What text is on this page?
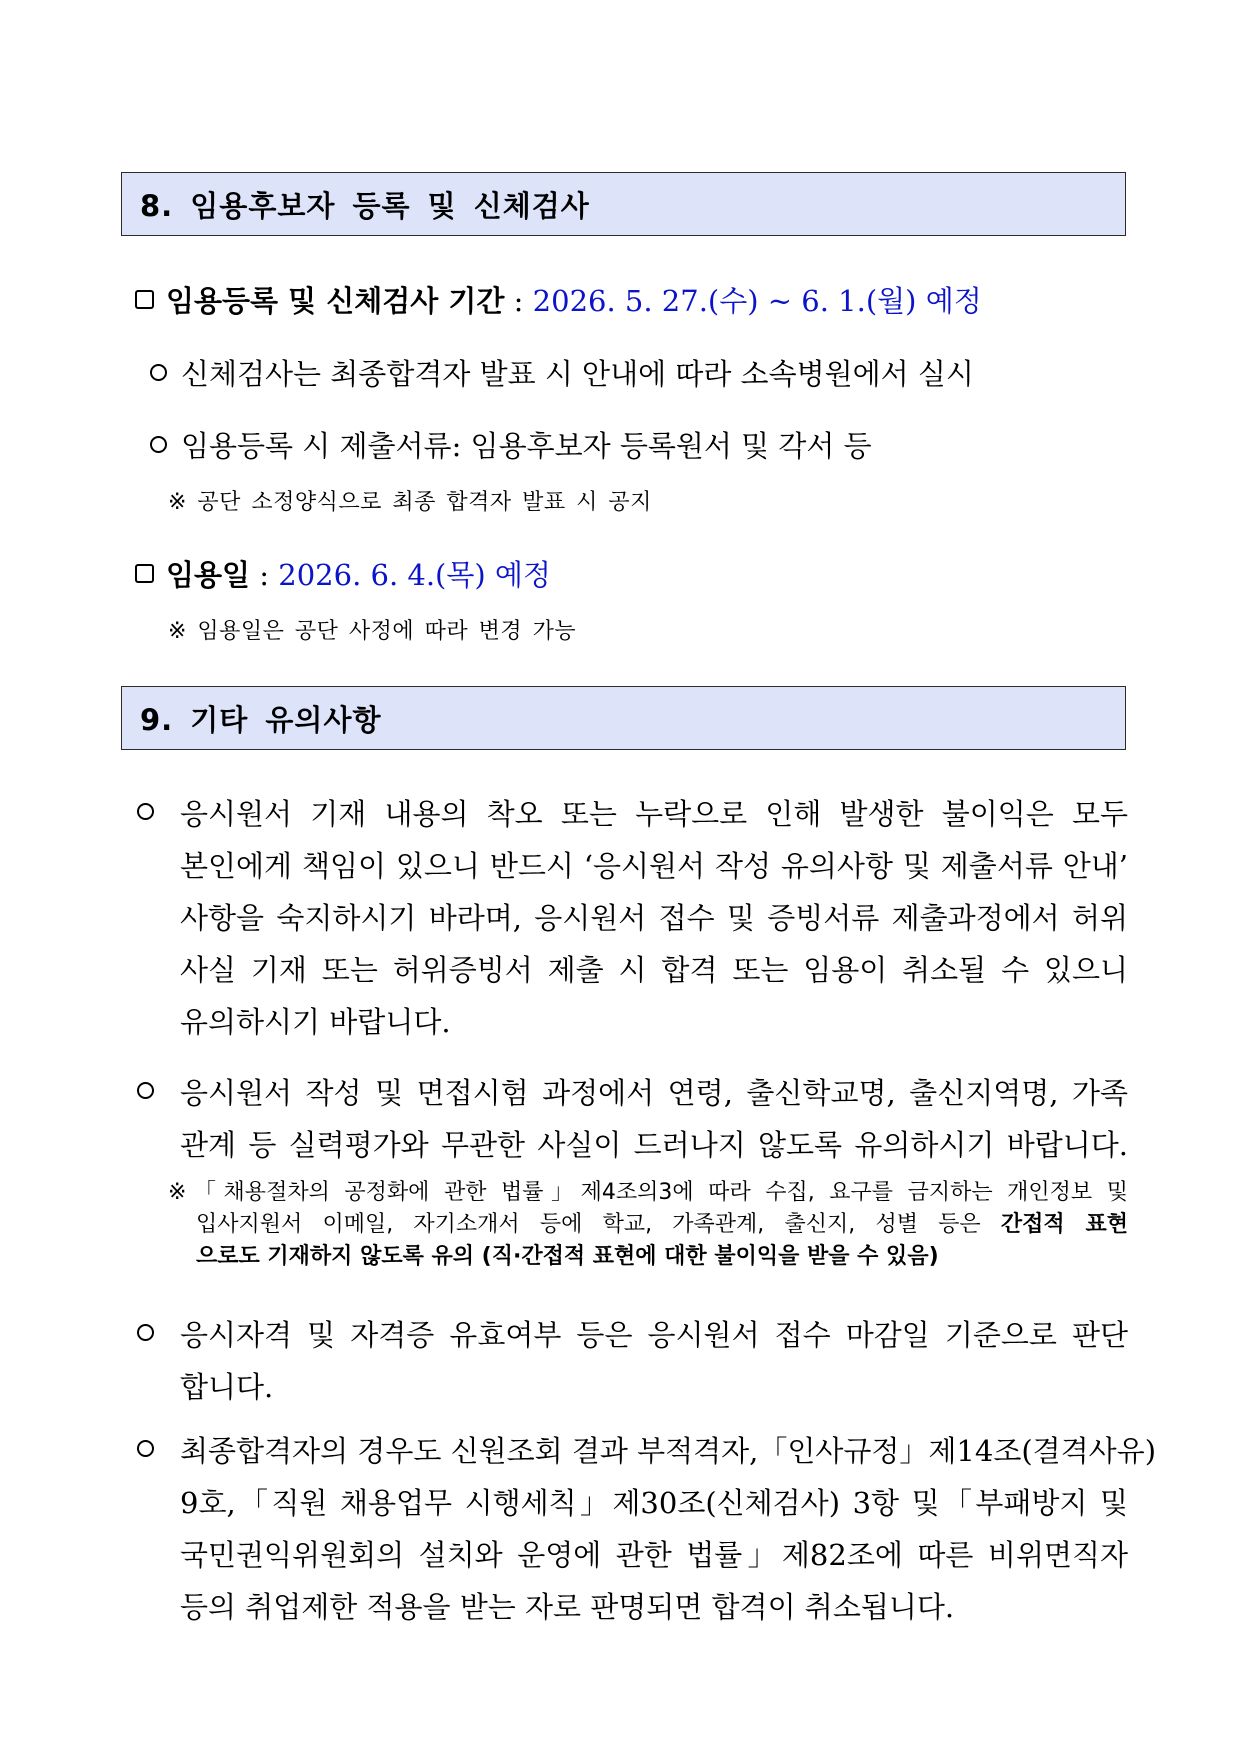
8. 임용후보자 등록 및 신체검사
임용등록 및 신체검사 기간 : 2026. 5. 27.(수) ~ 6. 1.(월) 예정
신체검사는 최종합격자 발표 시 안내에 따라 소속병원에서 실시
임용등록 시 제출서류: 임용후보자 등록원서 및 각서 등
※ 공단 소정양식으로 최종 합격자 발표 시 공지
임용일 : 2026. 6. 4.(목) 예정
※ 임용일은 공단 사정에 따라 변경 가능
9. 기타 유의사항
응시원서 기재 내용의 착오 또는 누락으로 인해 발생한 불이익은 모두
본인에게 책임이 있으니 반드시 ‘응시원서 작성 유의사항 및 제출서류 안내’
사항을 숙지하시기 바라며, 응시원서 접수 및 증빙서류 제출과정에서 허위
사실 기재 또는 허위증빙서 제출 시 합격 또는 임용이 취소될 수 있으니
유의하시기 바랍니다.
응시원서 작성 및 면접시험 과정에서 연령, 출신학교명, 출신지역명, 가족
관계 등 실력평가와 무관한 사실이 드러나지 않도록 유의하시기 바랍니다.
※「채용절차의 공정화에 관한 법률」제4조의3에 따라 수집, 요구를 금지하는 개인정보 및
입사지원서 이메일, 자기소개서 등에 학교, 가족관계, 출신지, 성별 등은 간접적 표현
으로도 기재하지 않도록 유의 (직·간접적 표현에 대한 불이익을 받을 수 있음)
응시자격 및 자격증 유효여부 등은 응시원서 접수 마감일 기준으로 판단
합니다.
최종합격자의 경우도 신원조회 결과 부적격자,「인사규정」제14조(결격사유)
9호,「직원 채용업무 시행세칙」제30조(신체검사) 3항 및「부패방지 및
국민권익위원회의 설치와 운영에 관한 법률」제82조에 따른 비위면직자
등의 취업제한 적용을 받는 자로 판명되면 합격이 취소됩니다.
